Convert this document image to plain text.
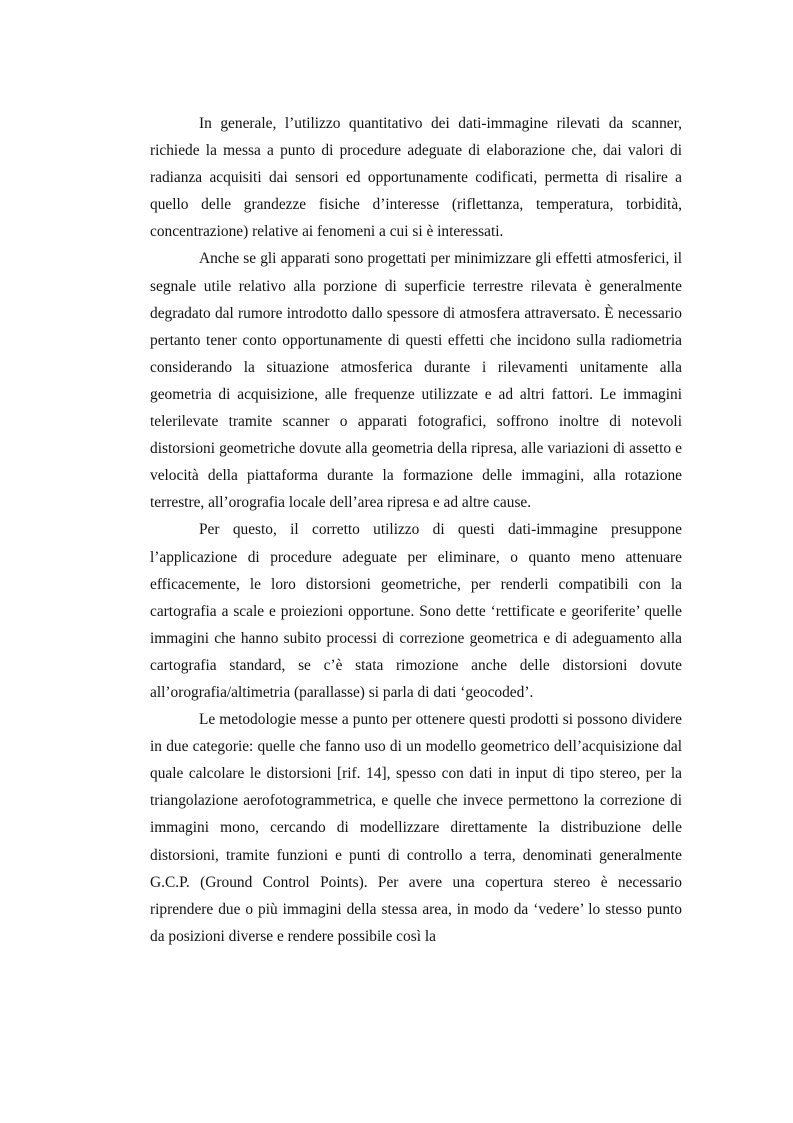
In generale, l’utilizzo quantitativo dei dati-immagine rilevati da scanner, richiede la messa a punto di procedure adeguate di elaborazione che, dai valori di radianza acquisiti dai sensori ed opportunamente codificati, permetta di risalire a quello delle grandezze fisiche d’interesse (riflettanza, temperatura, torbidità, concentrazione) relative ai fenomeni a cui si è interessati.

Anche se gli apparati sono progettati per minimizzare gli effetti atmosferici, il segnale utile relativo alla porzione di superficie terrestre rilevata è generalmente degradato dal rumore introdotto dallo spessore di atmosfera attraversato. È necessario pertanto tener conto opportunamente di questi effetti che incidono sulla radiometria considerando la situazione atmosferica durante i rilevamenti unitamente alla geometria di acquisizione, alle frequenze utilizzate e ad altri fattori. Le immagini telerilevate tramite scanner o apparati fotografici, soffrono inoltre di notevoli distorsioni geometriche dovute alla geometria della ripresa, alle variazioni di assetto e velocità della piattaforma durante la formazione delle immagini, alla rotazione terrestre, all’orografia locale dell’area ripresa e ad altre cause.

Per questo, il corretto utilizzo di questi dati-immagine presuppone l’applicazione di procedure adeguate per eliminare, o quanto meno attenuare efficacemente, le loro distorsioni geometriche, per renderli compatibili con la cartografia a scale e proiezioni opportune. Sono dette ‘rettificate e georiferite’ quelle immagini che hanno subito processi di correzione geometrica e di adeguamento alla cartografia standard, se c’è stata rimozione anche delle distorsioni dovute all’orografia/altimetria (parallasse) si parla di dati ‘geocoded’.

Le metodologie messe a punto per ottenere questi prodotti si possono dividere in due categorie: quelle che fanno uso di un modello geometrico dell’acquisizione dal quale calcolare le distorsioni [rif. 14], spesso con dati in input di tipo stereo, per la triangolazione aerofotogrammetrica, e quelle che invece permettono la correzione di immagini mono, cercando di modellizzare direttamente la distribuzione delle distorsioni, tramite funzioni e punti di controllo a terra, denominati generalmente G.C.P. (Ground Control Points). Per avere una copertura stereo è necessario riprendere due o più immagini della stessa area, in modo da ‘vedere’ lo stesso punto da posizioni diverse e rendere possibile così la
